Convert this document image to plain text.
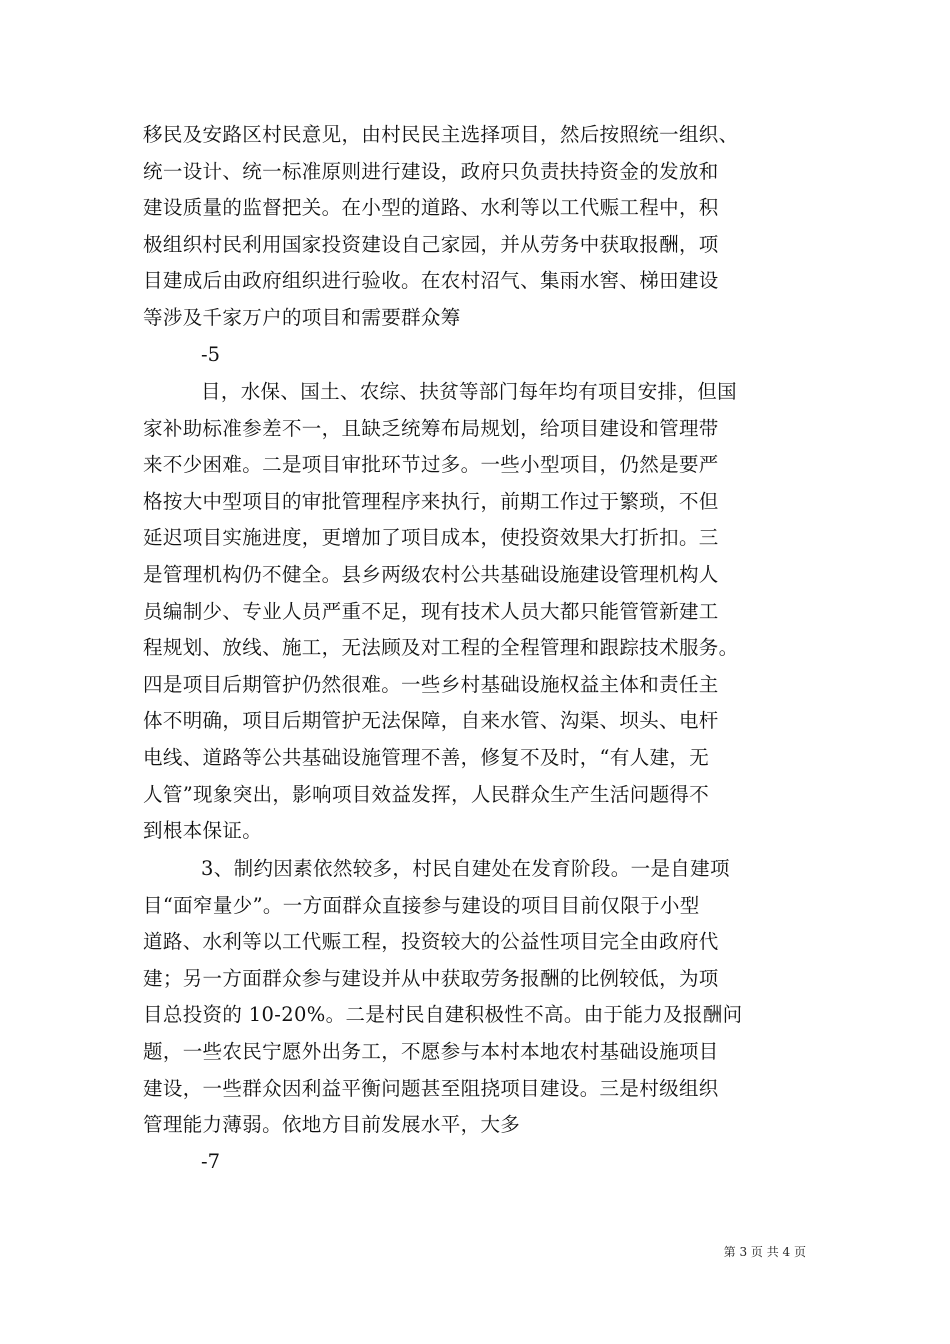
移民及安路区村民意见，由村民民主选择项目，然后按照统一组织、
统一设计、统一标准原则进行建设，政府只负责扶持资金的发放和
建设质量的监督把关。在小型的道路、水利等以工代赈工程中，积
极组织村民利用国家投资建设自己家园，并从劳务中获取报酬，项
目建成后由政府组织进行验收。在农村沼气、集雨水窖、梯田建设
等涉及千家万户的项目和需要群众筹
-5
目，水保、国土、农综、扶贫等部门每年均有项目安排，但国
家补助标准参差不一，且缺乏统筹布局规划，给项目建设和管理带
来不少困难。二是项目审批环节过多。一些小型项目，仍然是要严
格按大中型项目的审批管理程序来执行，前期工作过于繁琐，不但
延迟项目实施进度，更增加了项目成本，使投资效果大打折扣。三
是管理机构仍不健全。县乡两级农村公共基础设施建设管理机构人
员编制少、专业人员严重不足，现有技术人员大都只能管管新建工
程规划、放线、施工，无法顾及对工程的全程管理和跟踪技术服务。
四是项目后期管护仍然很难。一些乡村基础设施权益主体和责任主
体不明确，项目后期管护无法保障，自来水管、沟渠、坝头、电杆
电线、道路等公共基础设施管理不善，修复不及时，“有人建，无
人管”现象突出，影响项目效益发挥，人民群众生产生活问题得不
到根本保证。
3、制约因素依然较多，村民自建处在发育阶段。一是自建项
目“面窄量少”。一方面群众直接参与建设的项目目前仅限于小型
道路、水利等以工代赈工程，投资较大的公益性项目完全由政府代
建；另一方面群众参与建设并从中获取劳务报酬的比例较低，为项
目总投资的 10-20%。二是村民自建积极性不高。由于能力及报酬问
题，一些农民宁愿外出务工，不愿参与本村本地农村基础设施项目
建设，一些群众因利益平衡问题甚至阻挠项目建设。三是村级组织
管理能力薄弱。依地方目前发展水平，大多
-7
第 3 页 共 4 页
